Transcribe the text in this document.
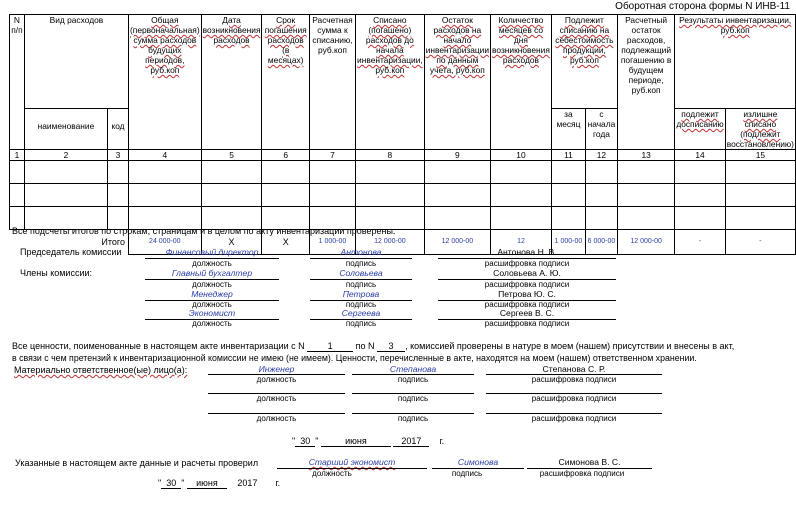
Оборотная сторона формы N ИНВ-11
N п/п	Вид расходов		Общая (первоначальная) сумма расходов будущих периодов, руб.коп	Дата возникновения расходов	Срок погашения расходов (в месяцах)	Расчетная сумма к списанию, руб.коп	Списано (погашено) расходов до начала инвентаризации, руб.коп	Остаток расходов на начало инвентаризации по данным учета, руб.коп	Количество месяцев со дня возникновения расходов	Подлежит списанию на себестоимость продукции, руб.коп		Расчетный остаток расходов, подлежащий погашению в будущем периоде, руб.коп	Результаты инвентаризации, руб.коп	
	наименование	код								за месяц	с начала года		подлежит досписанию	излишне списано (подлежит восстановлению)
1	2	3	4	5	6	7	8	9	10	11	12	13	14	15

Итого			24 000-00	X	X	1 000-00	12 000-00	12 000-00	12	1 000-00	6 000-00	12 000-00	-	-
Все подсчеты итогов по строкам, страницам и в целом по акту инвентаризации проверены.
Председатель комиссии
Члены комиссии:
Финансовый директор
должность
Антонова
подпись
Антонова Н. В.
расшифровка подписи
Главный бухгалтер
должность
Соловьева
подпись
Соловьева А. Ю.
расшифровка подписи
Менеджер
должность
Петрова
подпись
Петрова Ю. С.
расшифровка подписи
Экономист
должность
Сергеева
подпись
Сергеев В. С.
расшифровка подписи
Все ценности, поименованные в настоящем акте инвентаризации с N	1	по N 3 , комиссией проверены в натуре в моем (нашем) присутствии и внесены в акт,
в связи с чем претензий к инвентаризационной комиссии не имею (не имеем). Ценности, перечисленные в акте, находятся на моем (нашем) ответственном хранении.
Материально ответственное(ые) лицо(а):	Инженер
должность
Степанова
подпись
Степанова С. Р.
расшифровка подписи
должность	подпись	расшифровка подписи
должность	подпись	расшифровка подписи
" 30 "	июня	2017 г.
Указанные в настоящем акте данные и расчеты проверил	Старший экономист
должность
Симонова
подпись
Симонова В. С.
расшифровка подписи
" 30 " июня 2017 г.
